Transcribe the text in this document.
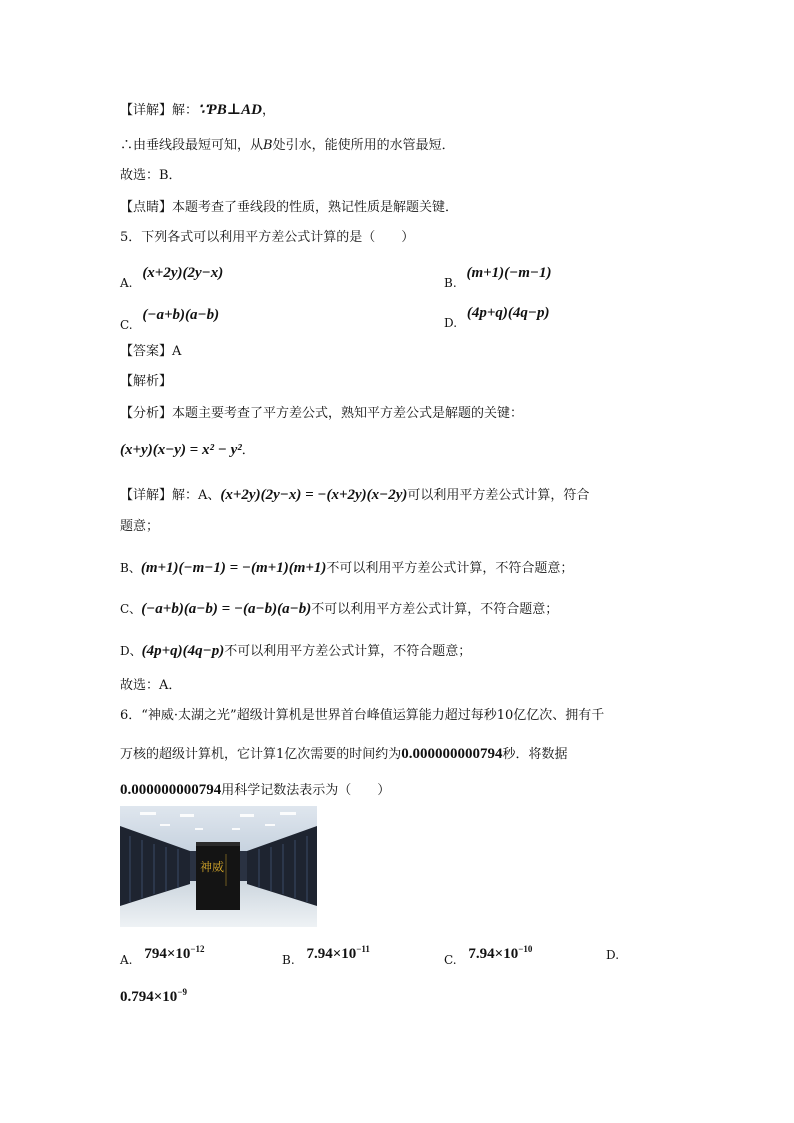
【详解】解：∵PB⊥AD，
∴由垂线段最短可知，从B处引水，能使所用的水管最短．
故选：B．
【点睛】本题考查了垂线段的性质，熟记性质是解题关键．
5．下列各式可以利用平方差公式计算的是（　　）
A. (x+2y)(2y−x)
B. (m+1)(−m−1)
C. (−a+b)(a−b)	D. (4p+q)(4q−p)
【答案】A
【解析】
【分析】本题主要考查了平方差公式，熟知平方差公式是解题的关键：
(x+y)(x−y) = x² − y²．
【详解】解：A、(x+2y)(2y−x) = −(x+2y)(x−2y)可以利用平方差公式计算，符合
题意；
B、(m+1)(−m−1) = −(m+1)(m+1)不可以利用平方差公式计算，不符合题意；
C、(−a+b)(a−b) = −(a−b)(a−b)不可以利用平方差公式计算，不符合题意；
D、(4p+q)(4q−p)不可以利用平方差公式计算，不符合题意；
故选：A．
6．“神威·太湖之光”超级计算机是世界首台峰值运算能力超过每秒10亿亿次、拥有千
万核的超级计算机，它计算1亿次需要的时间约为0.000000000794秒．将数据
0.000000000794用科学记数法表示为（　　）
神威
A. $794\times 10^{-12}$
B. $7.94\times 10^{-11}$
C. $7.94\times 10^{-10}$	D.
$0.794\times 10^{-9}$
